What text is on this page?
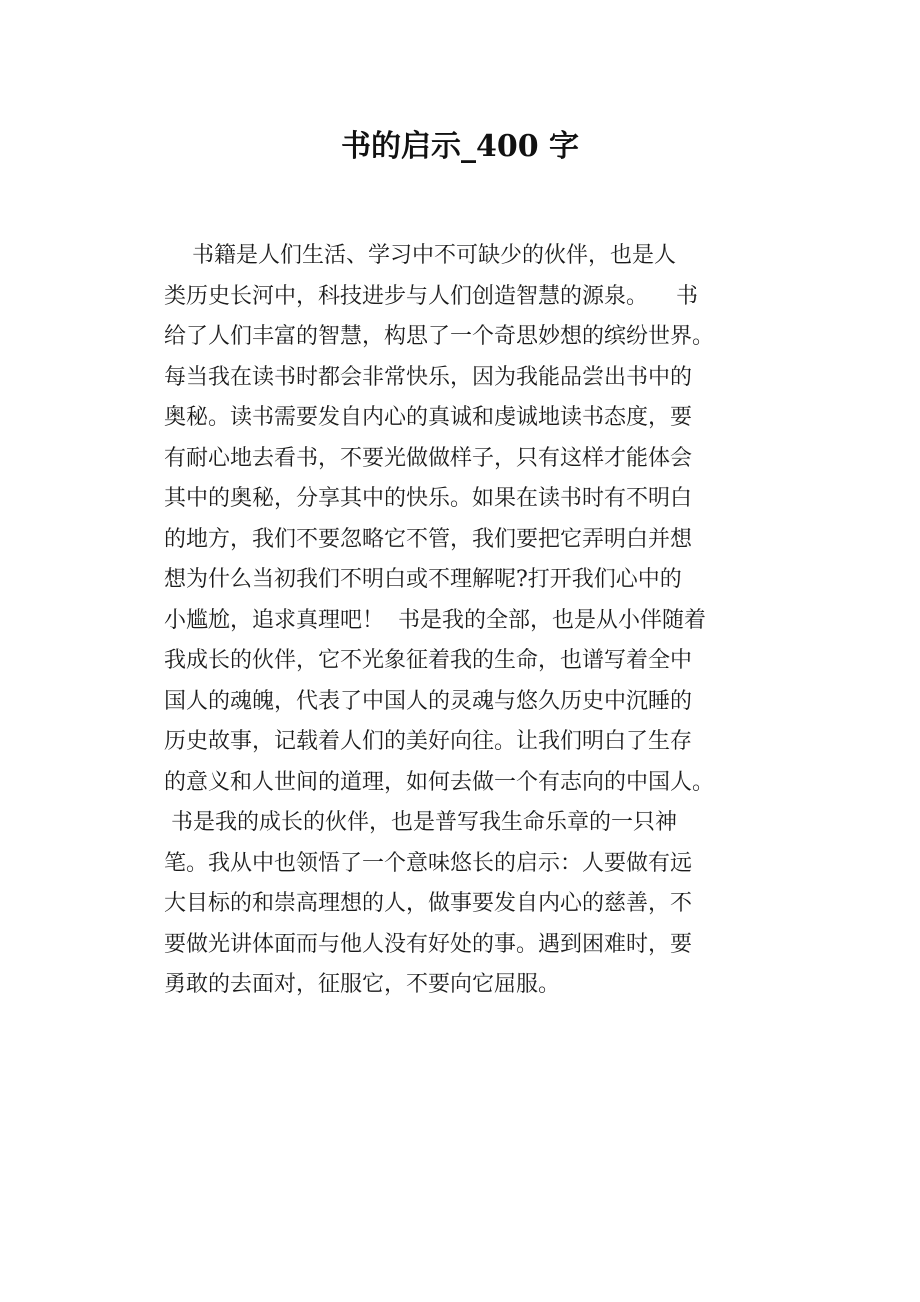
书的启示_400 字
书籍是人们生活、学习中不可缺少的伙伴，也是人
类历史长河中，科技进步与人们创造智慧的源泉。    书
给了人们丰富的智慧，构思了一个奇思妙想的缤纷世界。
每当我在读书时都会非常快乐，因为我能品尝出书中的
奥秘。读书需要发自内心的真诚和虔诚地读书态度，要
有耐心地去看书，不要光做做样子，只有这样才能体会
其中的奥秘，分享其中的快乐。如果在读书时有不明白
的地方，我们不要忽略它不管，我们要把它弄明白并想
想为什么当初我们不明白或不理解呢?打开我们心中的
小尴尬，追求真理吧！  书是我的全部，也是从小伴随着
我成长的伙伴，它不光象征着我的生命，也谱写着全中
国人的魂魄，代表了中国人的灵魂与悠久历史中沉睡的
历史故事，记载着人们的美好向往。让我们明白了生存
的意义和人世间的道理，如何去做一个有志向的中国人。
书是我的成长的伙伴，也是普写我生命乐章的一只神
笔。我从中也领悟了一个意味悠长的启示：人要做有远
大目标的和崇高理想的人，做事要发自内心的慈善，不
要做光讲体面而与他人没有好处的事。遇到困难时，要
勇敢的去面对，征服它，不要向它屈服。
